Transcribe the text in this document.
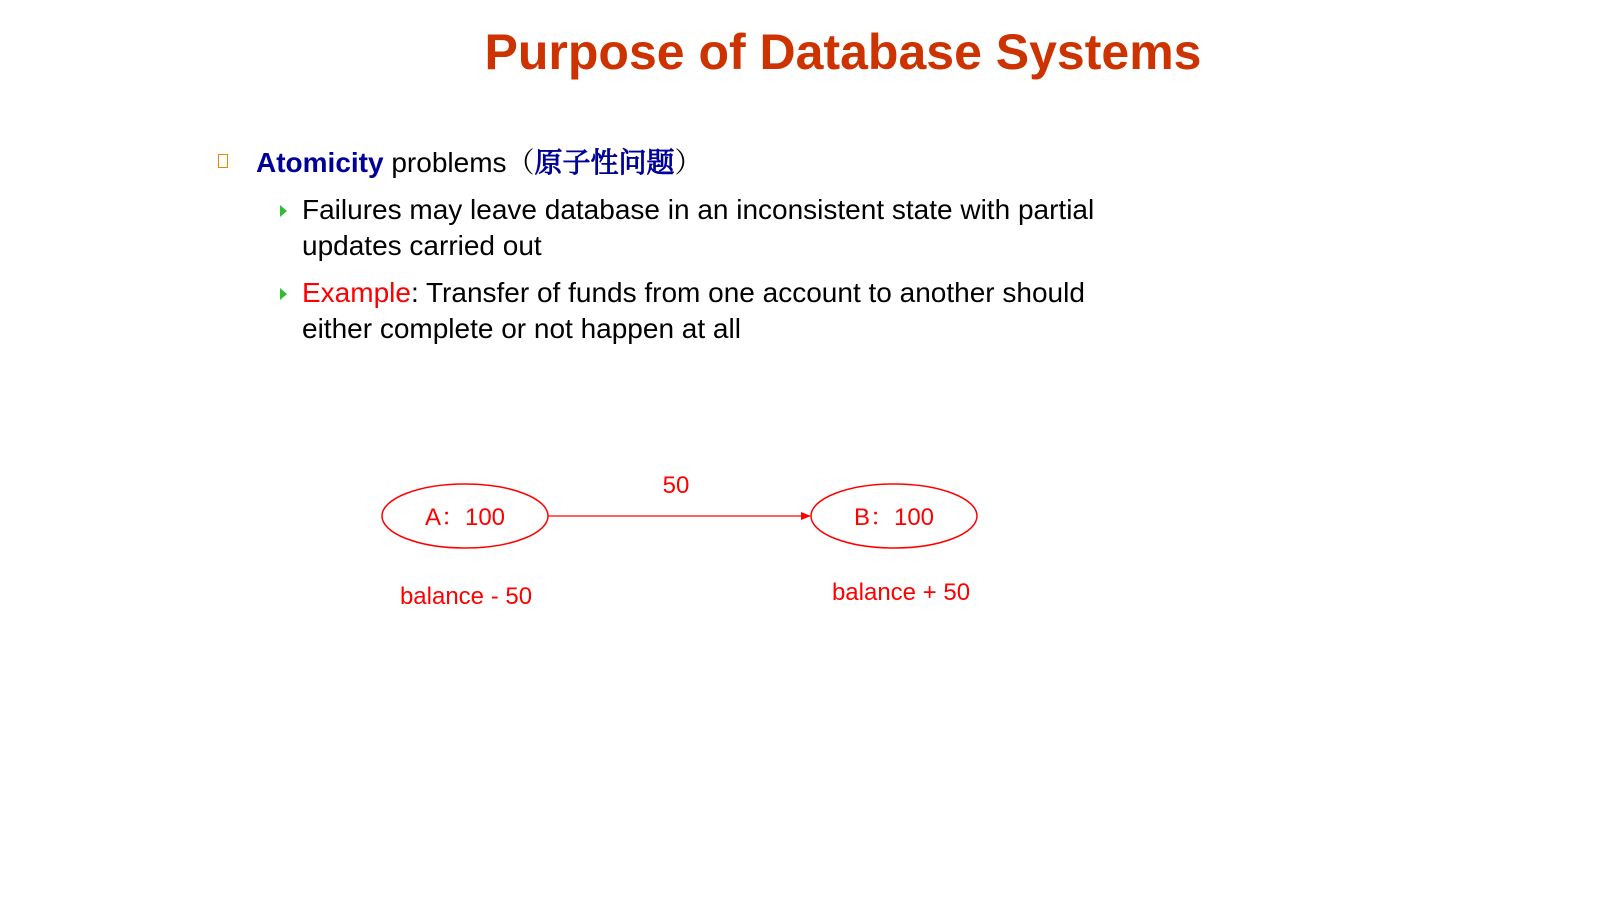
Purpose of Database Systems
Atomicity problems（原子性问题）
Failures may leave database in an inconsistent state with partial updates carried out
Example: Transfer of funds from one account to another should either complete or not happen at all
A：100	B：100
50
balance - 50	balance + 50
